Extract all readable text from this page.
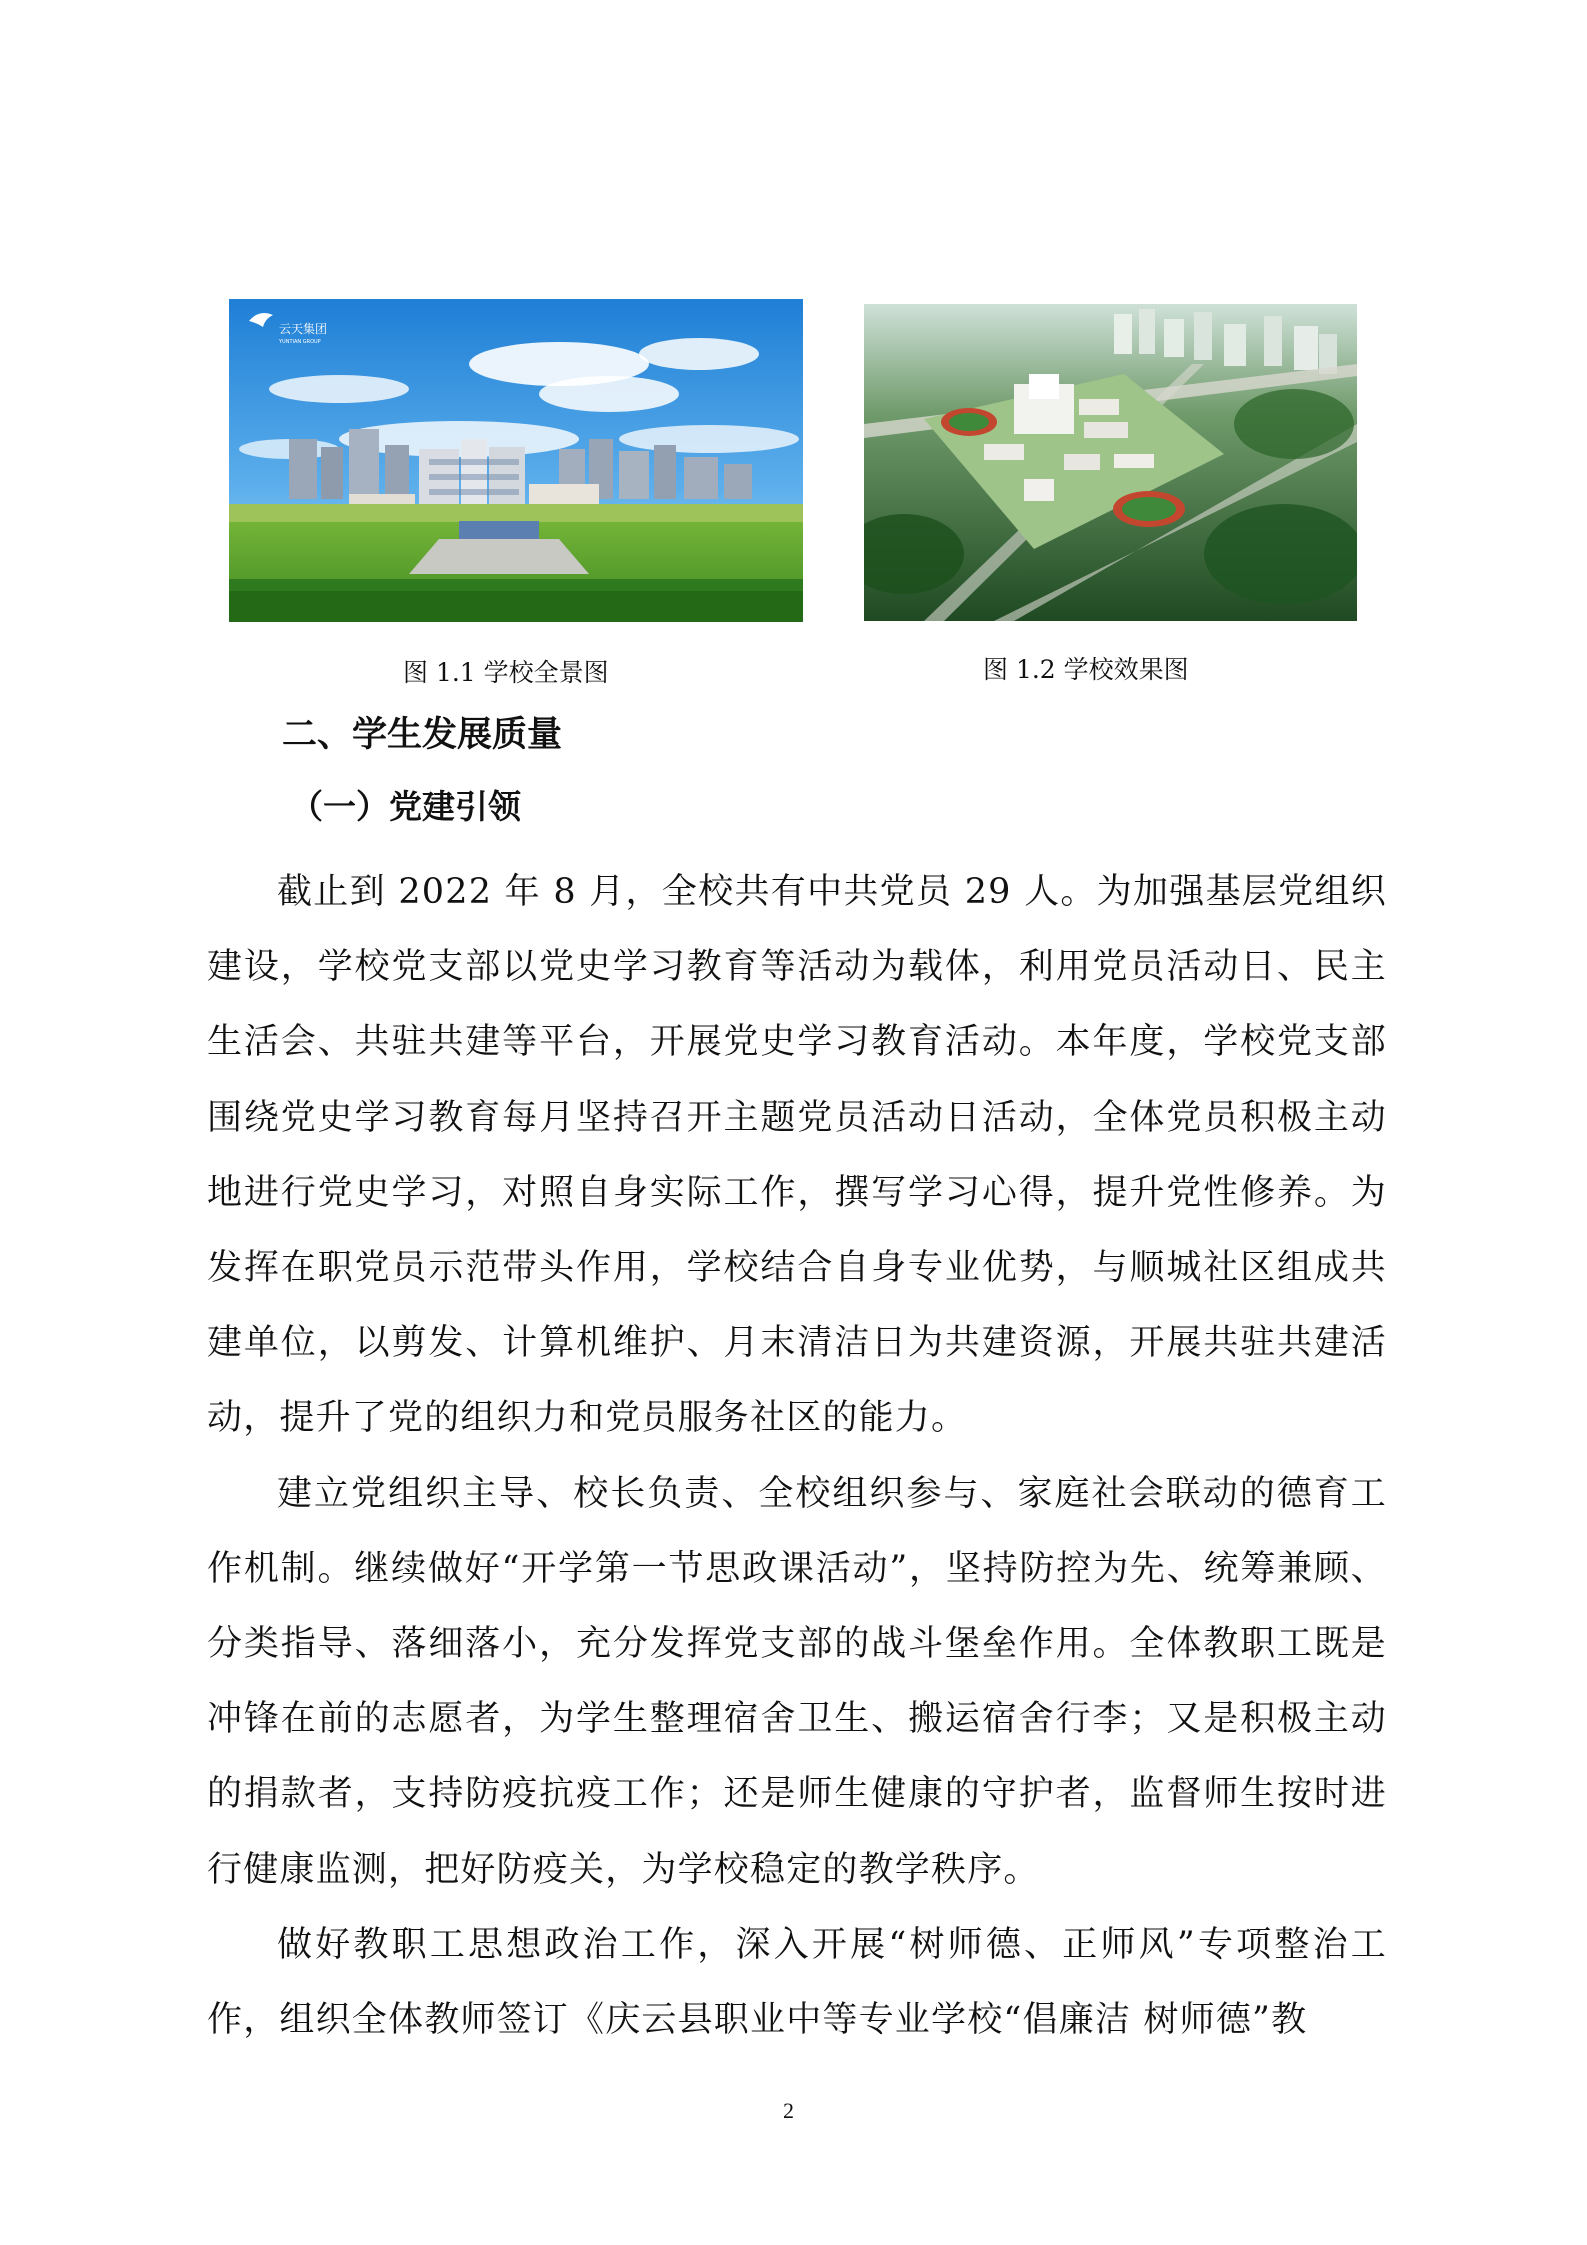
云天集团
YUNTIAN GROUP
图 1.1 学校全景图	图 1.2 学校效果图
二、学生发展质量
（一）党建引领

截止到 2022 年 8 月，全校共有中共党员 29 人。为加强基层党组织建设，学校党支部以党史学习教育等活动为载体，利用党员活动日、民主生活会、共驻共建等平台，开展党史学习教育活动。本年度，学校党支部围绕党史学习教育每月坚持召开主题党员活动日活动，全体党员积极主动地进行党史学习，对照自身实际工作，撰写学习心得，提升党性修养。为发挥在职党员示范带头作用，学校结合自身专业优势，与顺城社区组成共建单位，以剪发、计算机维护、月末清洁日为共建资源，开展共驻共建活动，提升了党的组织力和党员服务社区的能力。

建立党组织主导、校长负责、全校组织参与、家庭社会联动的德育工作机制。继续做好“开学第一节思政课活动”，坚持防控为先、统筹兼顾、分类指导、落细落小，充分发挥党支部的战斗堡垒作用。全体教职工既是冲锋在前的志愿者，为学生整理宿舍卫生、搬运宿舍行李；又是积极主动的捐款者，支持防疫抗疫工作；还是师生健康的守护者，监督师生按时进行健康监测，把好防疫关，为学校稳定的教学秩序。

做好教职工思想政治工作，深入开展“树师德、正师风”专项整治工作，组织全体教师签订《庆云县职业中等专业学校“倡廉洁 树师德”教

2
